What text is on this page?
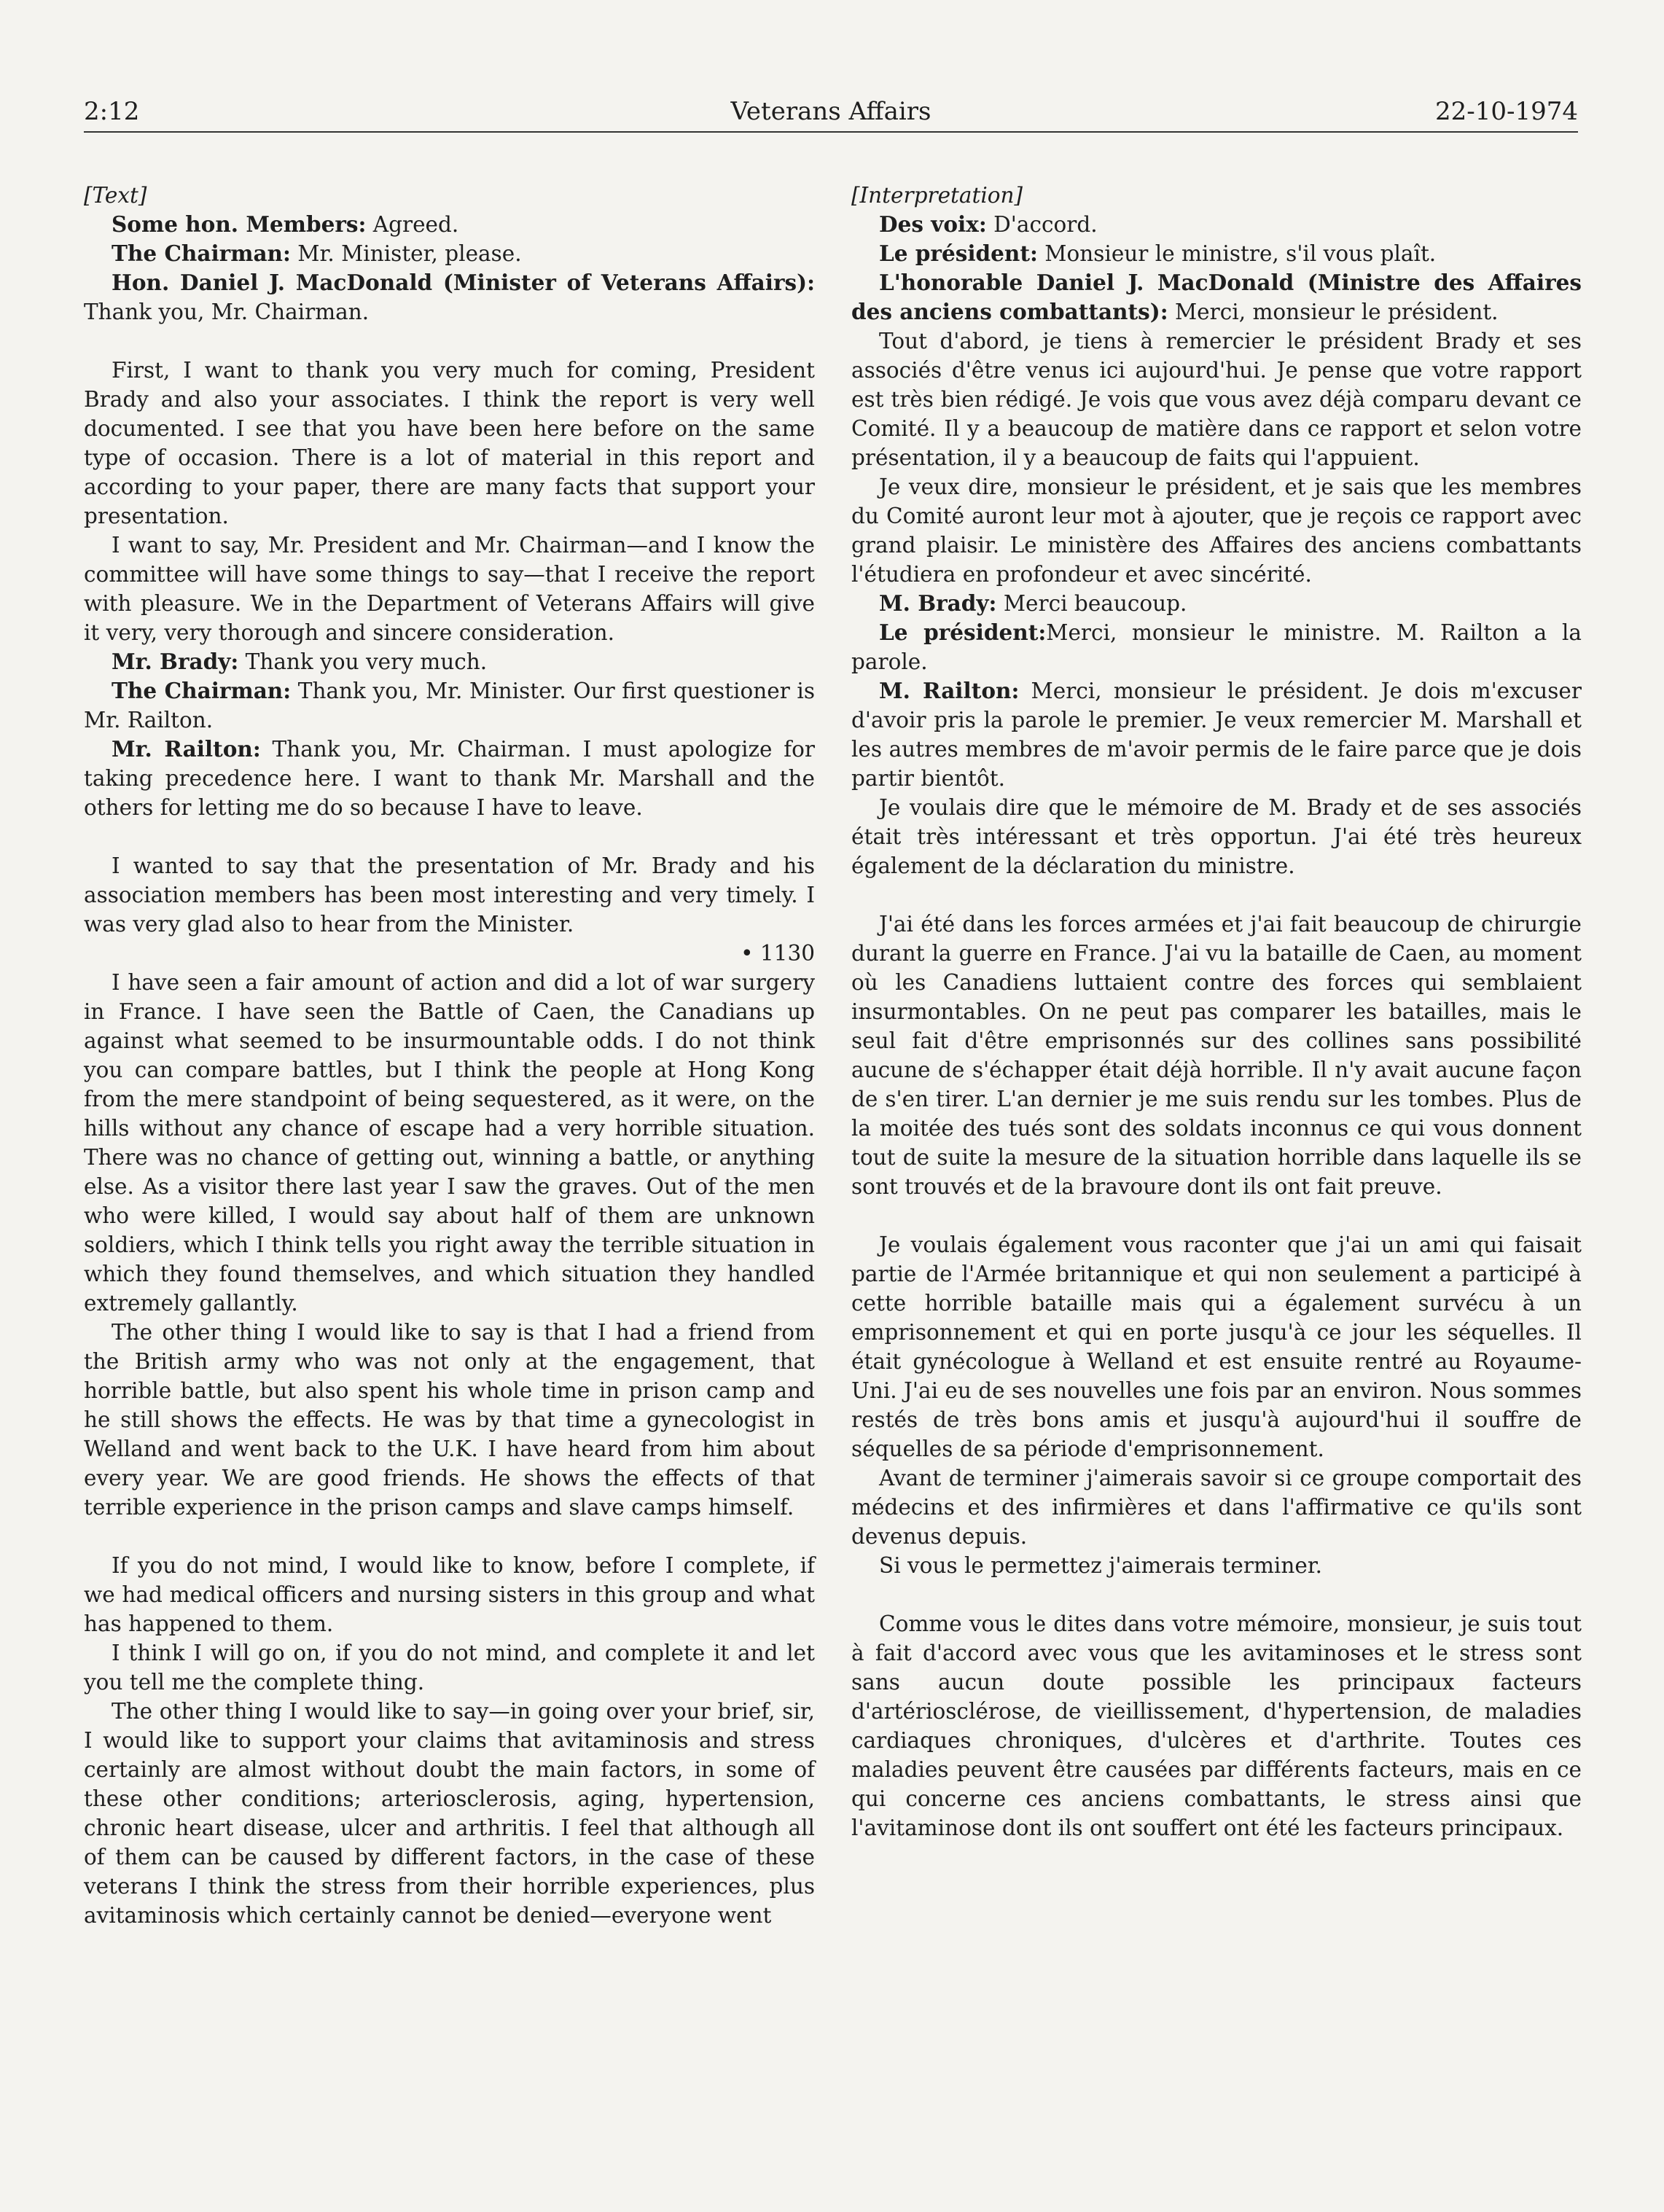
2:12	Veterans Affairs	22-10-1974

[Text]

Some hon. Members: Agreed.

The Chairman: Mr. Minister, please.

Hon. Daniel J. MacDonald (Minister of Veterans Affairs): Thank you, Mr. Chairman.

First, I want to thank you very much for coming, President Brady and also your associates. I think the report is very well documented. I see that you have been here before on the same type of occasion. There is a lot of material in this report and according to your paper, there are many facts that support your presentation.

I want to say, Mr. President and Mr. Chairman—and I know the committee will have some things to say—that I receive the report with pleasure. We in the Department of Veterans Affairs will give it very, very thorough and sincere consideration.

Mr. Brady: Thank you very much.

The Chairman: Thank you, Mr. Minister. Our first questioner is Mr. Railton.

Mr. Railton: Thank you, Mr. Chairman. I must apologize for taking precedence here. I want to thank Mr. Marshall and the others for letting me do so because I have to leave.

I wanted to say that the presentation of Mr. Brady and his association members has been most interesting and very timely. I was very glad also to hear from the Minister.

• 1130

I have seen a fair amount of action and did a lot of war surgery in France. I have seen the Battle of Caen, the Canadians up against what seemed to be insurmountable odds. I do not think you can compare battles, but I think the people at Hong Kong from the mere standpoint of being sequestered, as it were, on the hills without any chance of escape had a very horrible situation. There was no chance of getting out, winning a battle, or anything else. As a visitor there last year I saw the graves. Out of the men who were killed, I would say about half of them are unknown soldiers, which I think tells you right away the terrible situation in which they found themselves, and which situation they handled extremely gallantly.

The other thing I would like to say is that I had a friend from the British army who was not only at the engagement, that horrible battle, but also spent his whole time in prison camp and he still shows the effects. He was by that time a gynecologist in Welland and went back to the U.K. I have heard from him about every year. We are good friends. He shows the effects of that terrible experience in the prison camps and slave camps himself.

If you do not mind, I would like to know, before I complete, if we had medical officers and nursing sisters in this group and what has happened to them.

I think I will go on, if you do not mind, and complete it and let you tell me the complete thing.

The other thing I would like to say—in going over your brief, sir, I would like to support your claims that avitaminosis and stress certainly are almost without doubt the main factors, in some of these other conditions; arteriosclerosis, aging, hypertension, chronic heart disease, ulcer and arthritis. I feel that although all of them can be caused by different factors, in the case of these veterans I think the stress from their horrible experiences, plus avitaminosis which certainly cannot be denied—everyone went

[Interpretation]

Des voix: D'accord.

Le président: Monsieur le ministre, s'il vous plaît.

L'honorable Daniel J. MacDonald (Ministre des Affaires des anciens combattants): Merci, monsieur le président.

Tout d'abord, je tiens à remercier le président Brady et ses associés d'être venus ici aujourd'hui. Je pense que votre rapport est très bien rédigé. Je vois que vous avez déjà comparu devant ce Comité. Il y a beaucoup de matière dans ce rapport et selon votre présentation, il y a beaucoup de faits qui l'appuient.

Je veux dire, monsieur le président, et je sais que les membres du Comité auront leur mot à ajouter, que je reçois ce rapport avec grand plaisir. Le ministère des Affaires des anciens combattants l'étudiera en profondeur et avec sincérité.

M. Brady: Merci beaucoup.

Le président:Merci, monsieur le ministre. M. Railton a la parole.

M. Railton: Merci, monsieur le président. Je dois m'excuser d'avoir pris la parole le premier. Je veux remercier M. Marshall et les autres membres de m'avoir permis de le faire parce que je dois partir bientôt.

Je voulais dire que le mémoire de M. Brady et de ses associés était très intéressant et très opportun. J'ai été très heureux également de la déclaration du ministre.

J'ai été dans les forces armées et j'ai fait beaucoup de chirurgie durant la guerre en France. J'ai vu la bataille de Caen, au moment où les Canadiens luttaient contre des forces qui semblaient insurmontables. On ne peut pas comparer les batailles, mais le seul fait d'être emprisonnés sur des collines sans possibilité aucune de s'échapper était déjà horrible. Il n'y avait aucune façon de s'en tirer. L'an dernier je me suis rendu sur les tombes. Plus de la moitée des tués sont des soldats inconnus ce qui vous donnent tout de suite la mesure de la situation horrible dans laquelle ils se sont trouvés et de la bravoure dont ils ont fait preuve.

Je voulais également vous raconter que j'ai un ami qui faisait partie de l'Armée britannique et qui non seulement a participé à cette horrible bataille mais qui a également survécu à un emprisonnement et qui en porte jusqu'à ce jour les séquelles. Il était gynécologue à Welland et est ensuite rentré au Royaume-Uni. J'ai eu de ses nouvelles une fois par an environ. Nous sommes restés de très bons amis et jusqu'à aujourd'hui il souffre de séquelles de sa période d'emprisonnement.

Avant de terminer j'aimerais savoir si ce groupe comportait des médecins et des infirmières et dans l'affirmative ce qu'ils sont devenus depuis.

Si vous le permettez j'aimerais terminer.

Comme vous le dites dans votre mémoire, monsieur, je suis tout à fait d'accord avec vous que les avitaminoses et le stress sont sans aucun doute possible les principaux facteurs d'artériosclérose, de vieillissement, d'hypertension, de maladies cardiaques chroniques, d'ulcères et d'arthrite. Toutes ces maladies peuvent être causées par différents facteurs, mais en ce qui concerne ces anciens combattants, le stress ainsi que l'avitaminose dont ils ont souffert ont été les facteurs principaux.
